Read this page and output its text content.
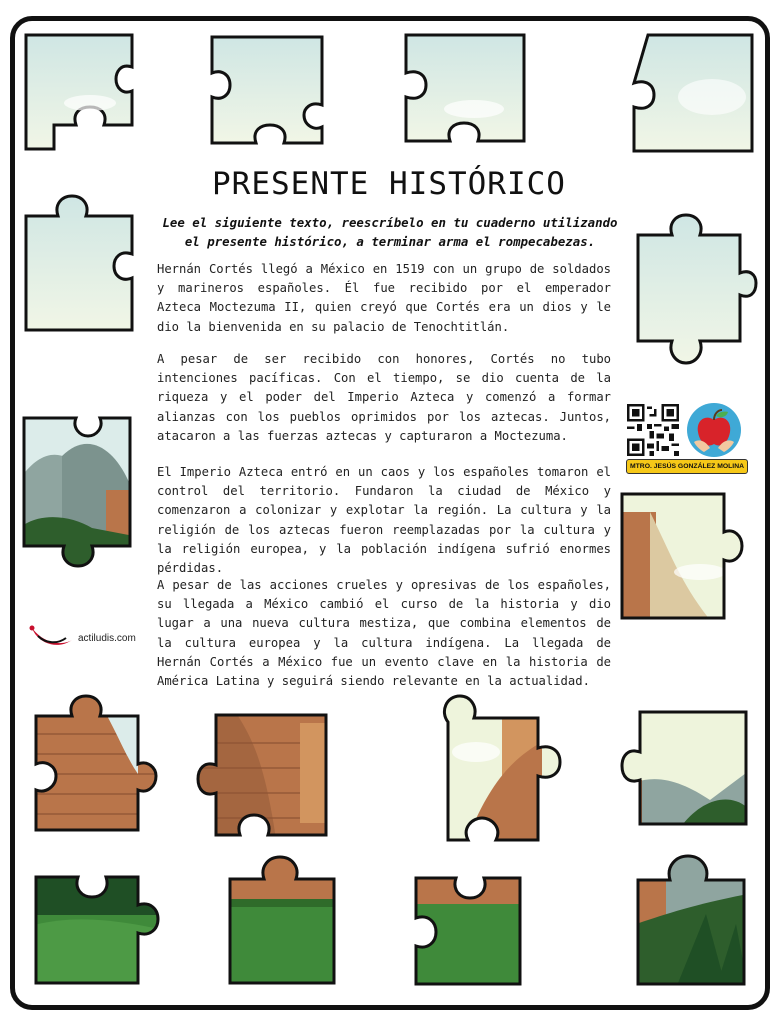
PRESENTE HISTÓRICO
Lee el siguiente texto, reescríbelo en tu cuaderno utilizando
el presente histórico, a terminar arma el rompecabezas.

Hernán Cortés llegó a México en 1519 con un grupo de soldados y marineros españoles. Él fue recibido por el emperador Azteca Moctezuma II, quien creyó que Cortés era un dios y le dio la bienvenida en su palacio de Tenochtitlán.

A pesar de ser recibido con honores, Cortés no tubo intenciones pacíficas. Con el tiempo, se dio cuenta de la riqueza y el poder del Imperio Azteca y comenzó a formar alianzas con los pueblos oprimidos por los aztecas. Juntos, atacaron a las fuerzas aztecas y capturaron a Moctezuma.

El Imperio Azteca entró en un caos y los españoles tomaron el control del territorio. Fundaron la ciudad de México y comenzaron a colonizar y explotar la región. La cultura y la religión de los aztecas fueron reemplazadas por la cultura y la religión europea, y la población indígena sufrió enormes pérdidas.

A pesar de las acciones crueles y opresivas de los españoles, su llegada a México cambió el curso de la historia y dio lugar a una nueva cultura mestiza, que combina elementos de la cultura europea y la cultura indígena. La llegada de Hernán Cortés a México fue un evento clave en la historia de América Latina y seguirá siendo relevante en la actualidad.

actiludis.com
MTRO. JESÚS GONZÁLEZ MOLINA
